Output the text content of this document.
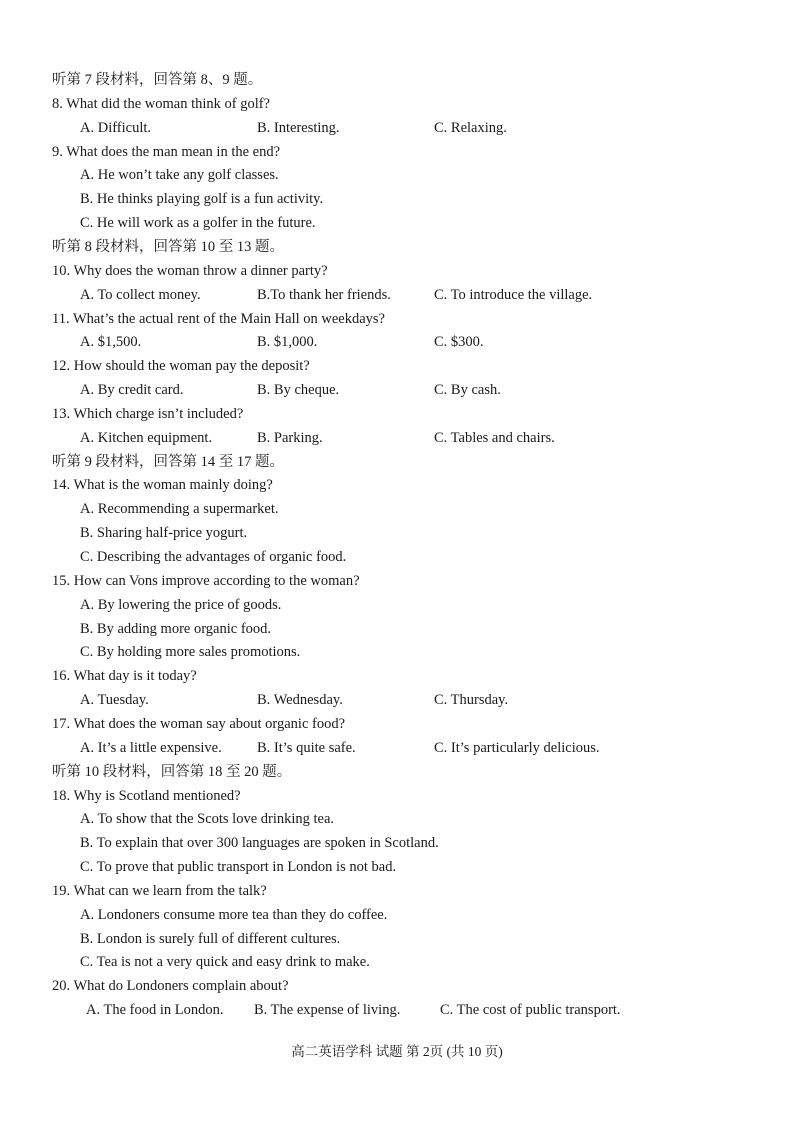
听第 7 段材料，回答第 8、9 题。
8. What did the woman think of golf?
A. Difficult.	B. Interesting.	C. Relaxing.
9. What does the man mean in the end?
A. He won’t take any golf classes.
B. He thinks playing golf is a fun activity.
C. He will work as a golfer in the future.
听第 8 段材料，回答第 10 至 13 题。
10. Why does the woman throw a dinner party?
A. To collect money.	B.To thank her friends.	C. To introduce the village.
11. What’s the actual rent of the Main Hall on weekdays?
A. $1,500.	B. $1,000.	C. $300.
12. How should the woman pay the deposit?
A. By credit card.	B. By cheque.	C. By cash.
13. Which charge isn’t included?
A. Kitchen equipment.	B. Parking.	C. Tables and chairs.
听第 9 段材料，回答第 14 至 17 题。
14. What is the woman mainly doing?
A. Recommending a supermarket.
B. Sharing half-price yogurt.
C. Describing the advantages of organic food.
15. How can Vons improve according to the woman?
A. By lowering the price of goods.
B. By adding more organic food.
C. By holding more sales promotions.
16. What day is it today?
A. Tuesday.	B. Wednesday.	C. Thursday.
17. What does the woman say about organic food?
A. It’s a little expensive. B. It’s quite safe.	C. It’s particularly delicious.
听第 10 段材料，回答第 18 至 20 题。
18. Why is Scotland mentioned?
A. To show that the Scots love drinking tea.
B. To explain that over 300 languages are spoken in Scotland.
C. To prove that public transport in London is not bad.
19. What can we learn from the talk?
A. Londoners consume more tea than they do coffee.
B. London is surely full of different cultures.
C. Tea is not a very quick and easy drink to make.
20. What do Londoners complain about?
A. The food in London. B. The expense of living.	C. The cost of public transport.
高二英语学科 试题 第 2页 (共 10 页)
